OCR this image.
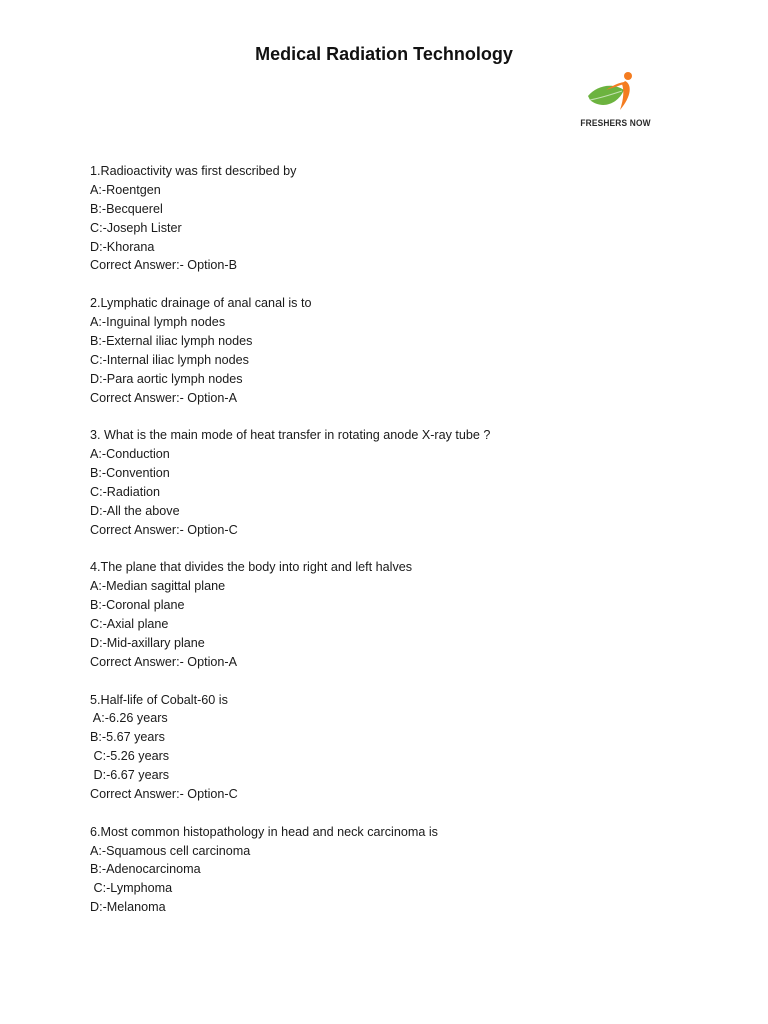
Medical Radiation Technology
FRESHERS NOW
1.Radioactivity was first described by
A:-Roentgen
B:-Becquerel
C:-Joseph Lister
D:-Khorana
Correct Answer:- Option-B
2.Lymphatic drainage of anal canal is to
A:-Inguinal lymph nodes
B:-External iliac lymph nodes
C:-Internal iliac lymph nodes
D:-Para aortic lymph nodes
Correct Answer:- Option-A
3. What is the main mode of heat transfer in rotating anode X-ray tube ?
A:-Conduction
B:-Convention
C:-Radiation
D:-All the above
Correct Answer:- Option-C
4.The plane that divides the body into right and left halves
A:-Median sagittal plane
B:-Coronal plane
C:-Axial plane
D:-Mid-axillary plane
Correct Answer:- Option-A
5.Half-life of Cobalt-60 is
A:-6.26 years
B:-5.67 years
C:-5.26 years
D:-6.67 years
Correct Answer:- Option-C
6.Most common histopathology in head and neck carcinoma is
A:-Squamous cell carcinoma
B:-Adenocarcinoma
C:-Lymphoma
D:-Melanoma
